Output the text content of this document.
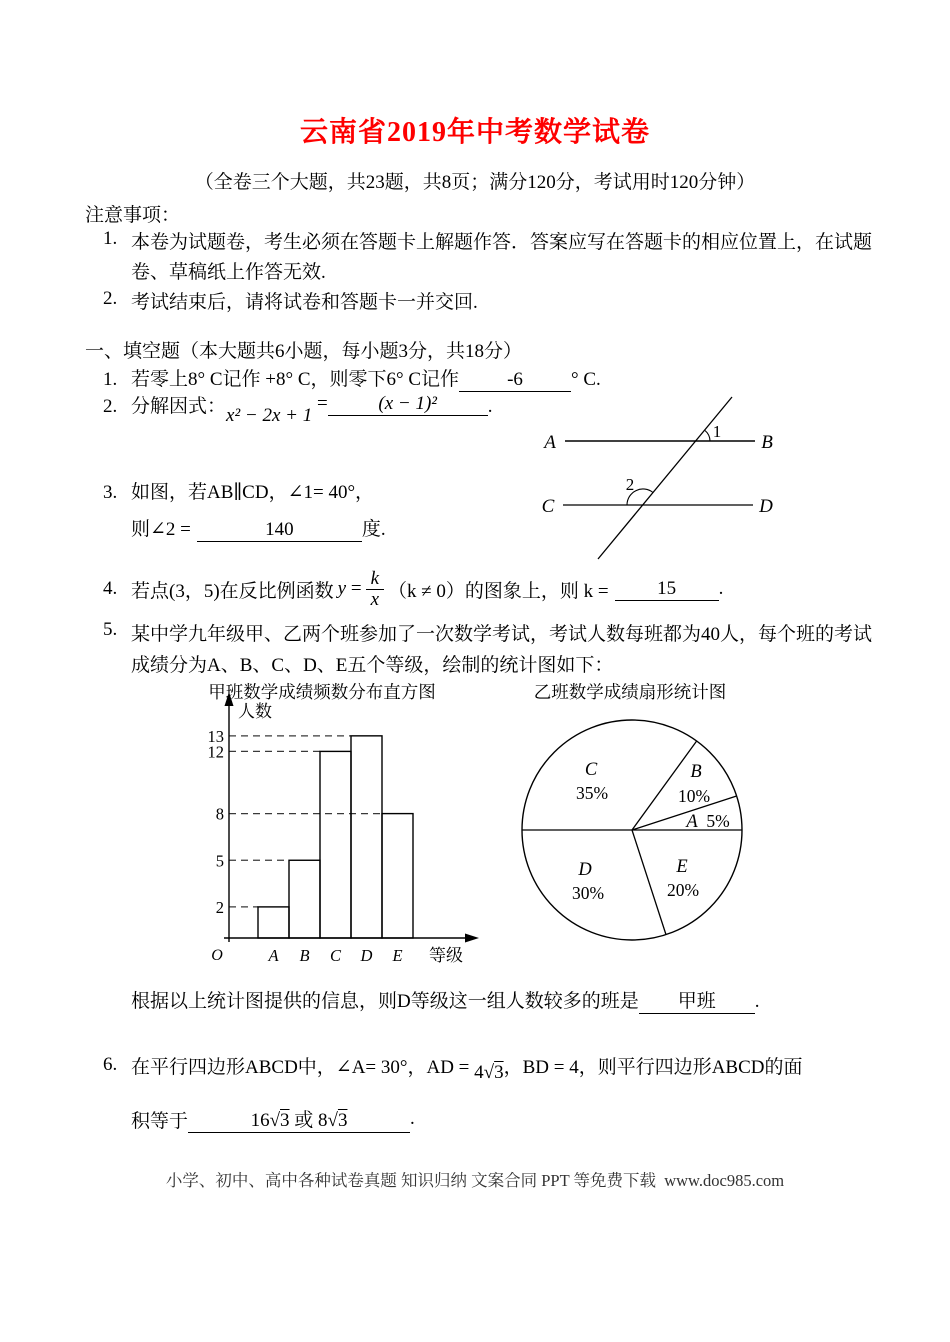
云南省2019年中考数学试卷
（全卷三个大题，共23题，共8页；满分120分，考试用时120分钟）
注意事项：
1. 本卷为试题卷，考生必须在答题卡上解题作答．答案应写在答题卡的相应位置上，在试题卷、草稿纸上作答无效.
2. 考试结束后，请将试卷和答题卡一并交回.
一、填空题（本大题共6小题，每小题3分，共18分）
1. 若零上8° C记作 +8° C，则零下6° C记作	-6	° C.
2. 分解因式： x² − 2x + 1
=	(x − 1)²	.
3. 如图，若AB∥CD，∠1= 40°，
则∠2 =	140	度.
A	B
C	D
1
2
4. 若点(3，5)在反比例函数 $y = \frac{k}{x} (k \ne 0)$的图象上，则 k =	15	.
5. 某中学九年级甲、乙两个班参加了一次数学考试，考试人数每班都为40人，每个班的考试成绩分为A、B、C、D、E五个等级，绘制的统计图如下：
甲班数学成绩频数分布直方图
人数
等级
O
2
5
8
12
13
A B C D E
A 5%
B
10%
C
35%
D
30%
E
20%
乙班数学成绩扇形统计图
根据以上统计图提供的信息，则D等级这一组人数较多的班是	甲班	.
6. 在平行四边形ABCD中，∠A= 30°，AD = 4√3 ，BD = 4，则平行四边形ABCD的面
积等于	16√3 或 8√3	.
小学、初中、高中各种试卷真题 知识归纳 文案合同 PPT 等免费下载  www.doc985.com
